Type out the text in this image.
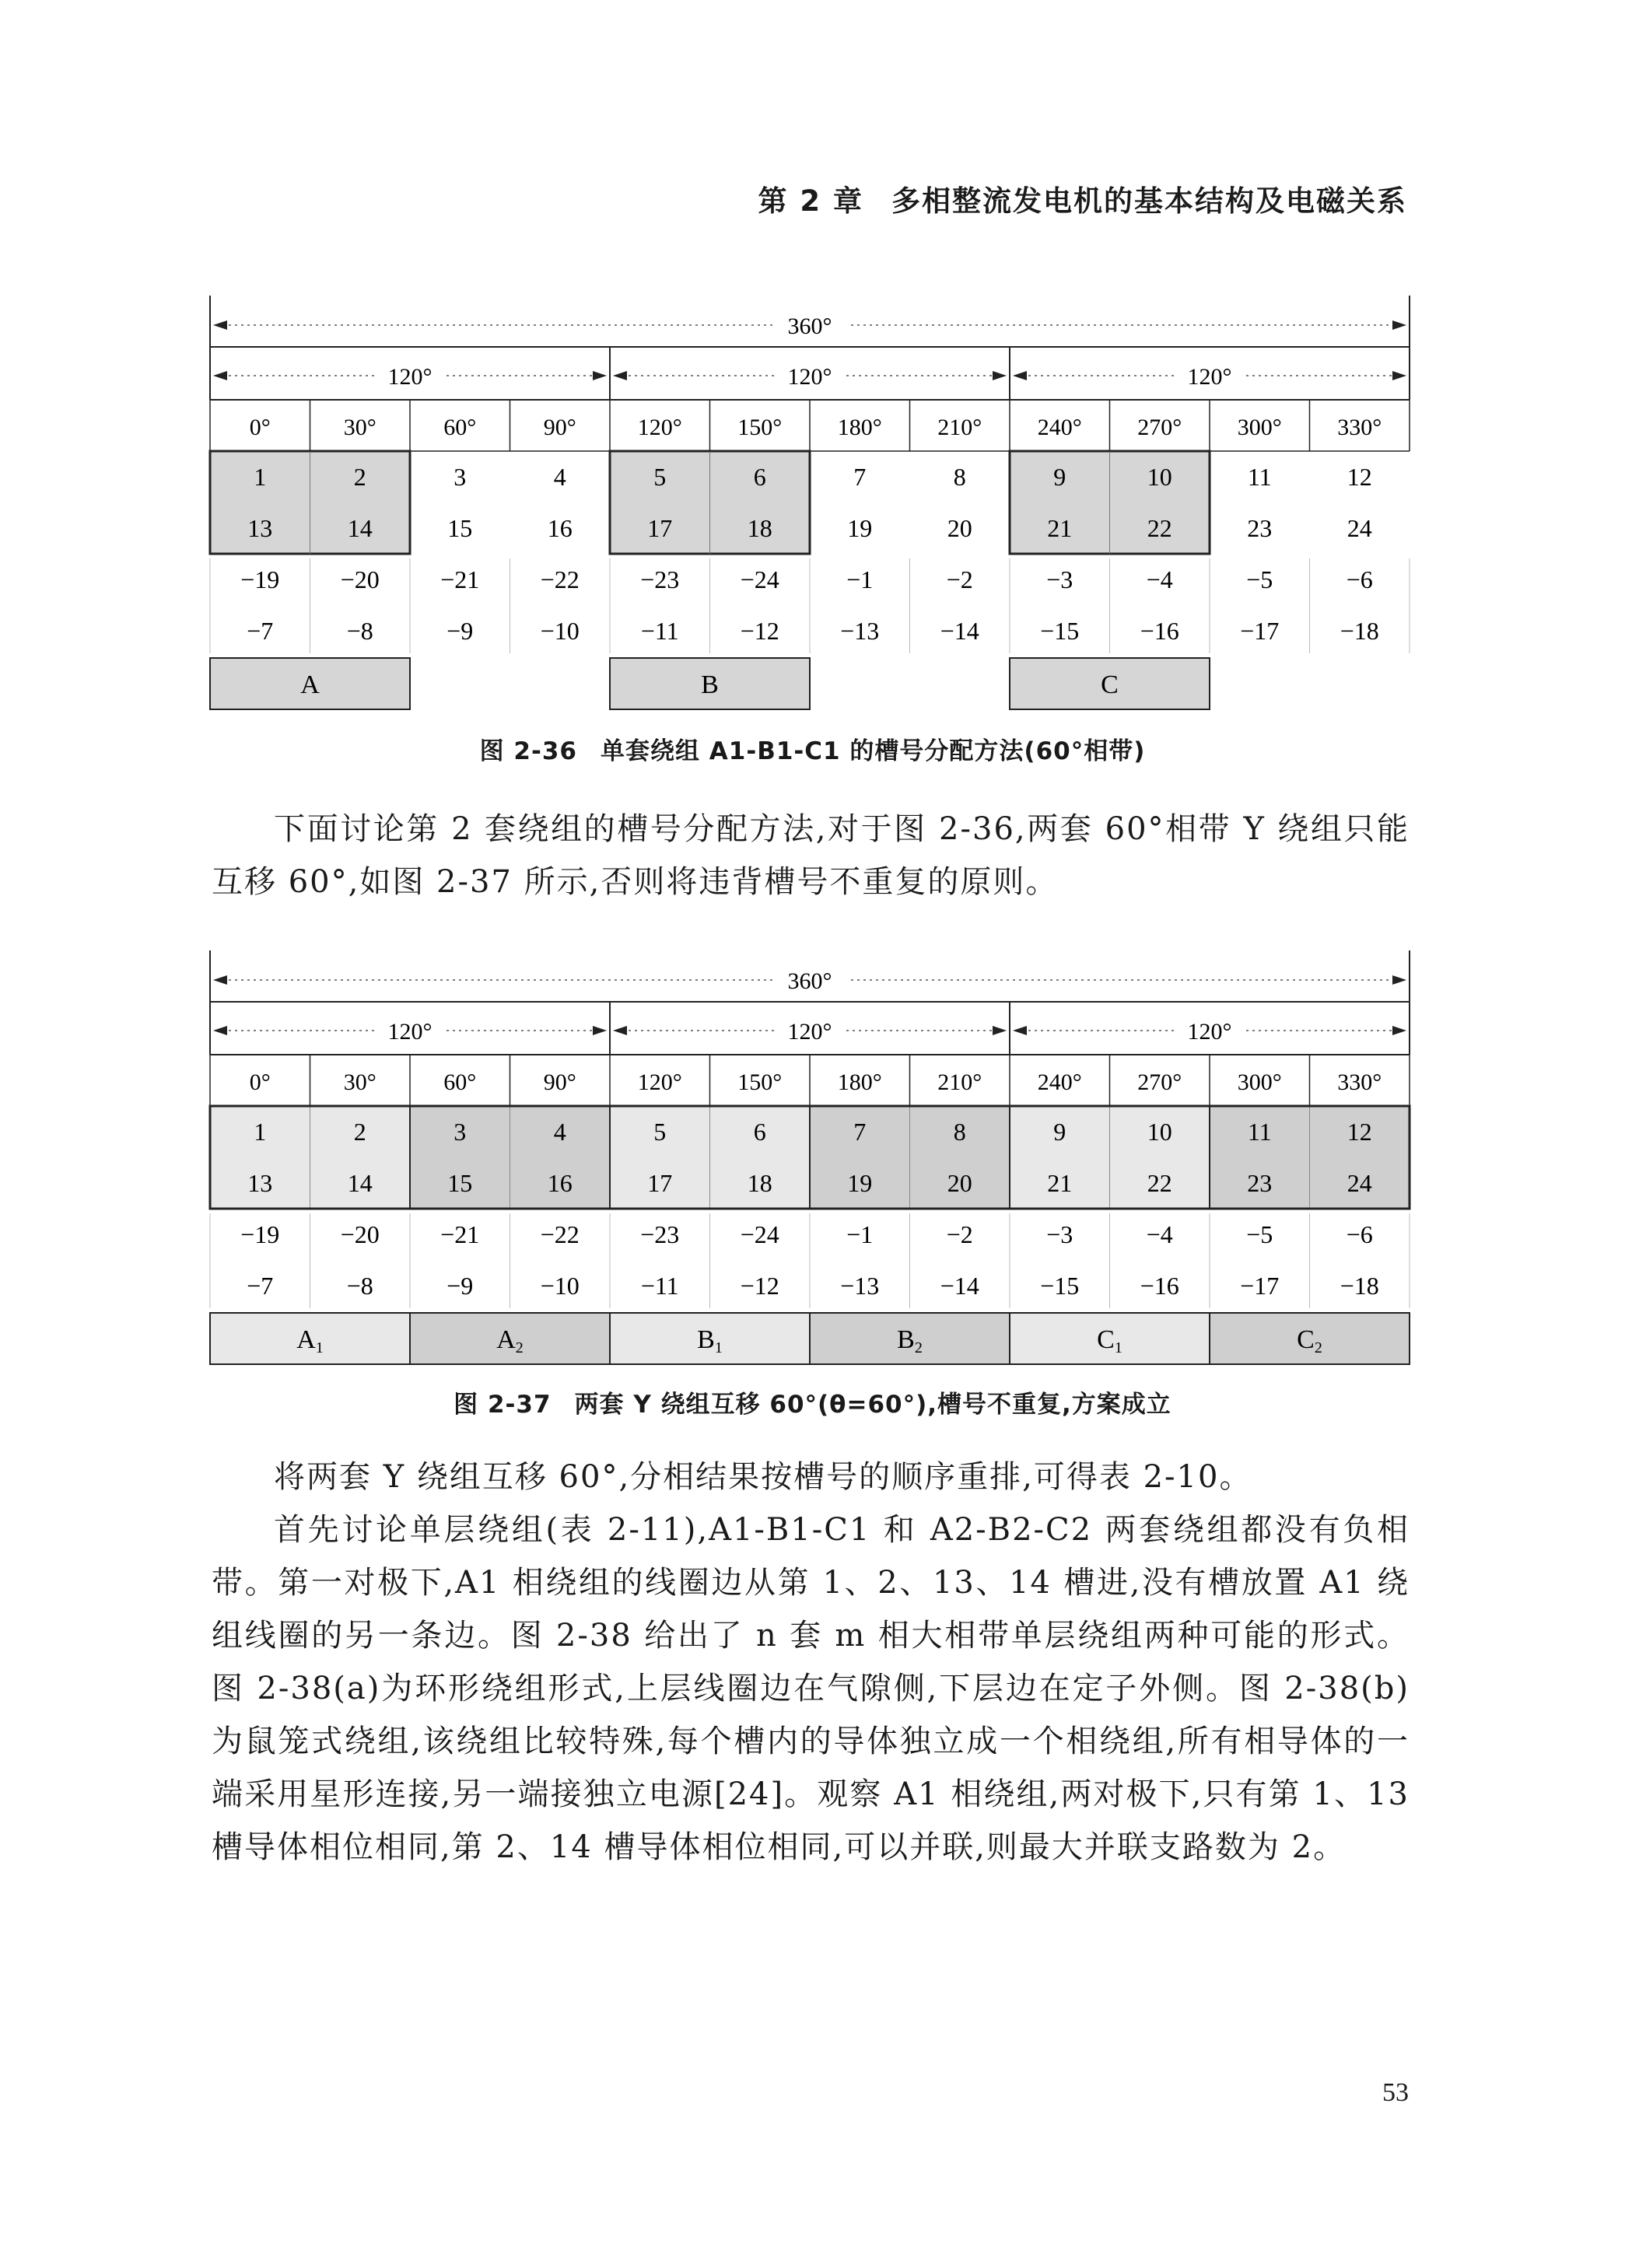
第 2 章 多相整流发电机的基本结构及电磁关系
360°
120°	120°	120°
0°	30°	60°	90°	120° 150° 180° 210° 240° 270° 300° 330°
1	2	3	4	5	6	7	8	9	10	11	12
13	14	15	16	17	18	19	20	21	22	23	24
−19 −20 −21 −22 −23 −24	−1	−2	−3	−4	−5	−6
−7	−8	−9	−10 −11 −12 −13 −14 −15 −16 −17 −18
A	B	C
图 2-36 单套绕组 A1-B1-C1 的槽号分配方法(60°相带)

下面讨论第 2 套绕组的槽号分配方法,对于图 2-36,两套 60°相带 Y 绕组只能互移 60°,如图 2-37 所示,否则将违背槽号不重复的原则。

360°
120°	120°	120°
0°	30°	60°	90°	120° 150° 180° 210° 240° 270° 300° 330°
1	2	3	4	5	6	7	8	9	10	11	12
13	14	15	16	17	18	19	20	21	22	23	24
−19 −20 −21 −22 −23 −24	−1	−2	−3	−4	−5	−6
−7	−8	−9	−10 −11 −12 −13 −14 −15 −16 −17 −18
A1	A2	B1	B2	C1	C2
图 2-37 两套 Y 绕组互移 60°(θ=60°),槽号不重复,方案成立

将两套 Y 绕组互移 60°,分相结果按槽号的顺序重排,可得表 2-10。

首先讨论单层绕组(表 2-11),A1-B1-C1 和 A2-B2-C2 两套绕组都没有负相带。第一对极下,A1 相绕组的线圈边从第 1、2、13、14 槽进,没有槽放置 A1 绕组线圈的另一条边。图 2-38 给出了 n 套 m 相大相带单层绕组两种可能的形式。图 2-38(a)为环形绕组形式,上层线圈边在气隙侧,下层边在定子外侧。图 2-38(b)为鼠笼式绕组,该绕组比较特殊,每个槽内的导体独立成一个相绕组,所有相导体的一端采用星形连接,另一端接独立电源[24]。观察 A1 相绕组,两对极下,只有第 1、13 槽导体相位相同,第 2、14 槽导体相位相同,可以并联,则最大并联支路数为 2。

53
